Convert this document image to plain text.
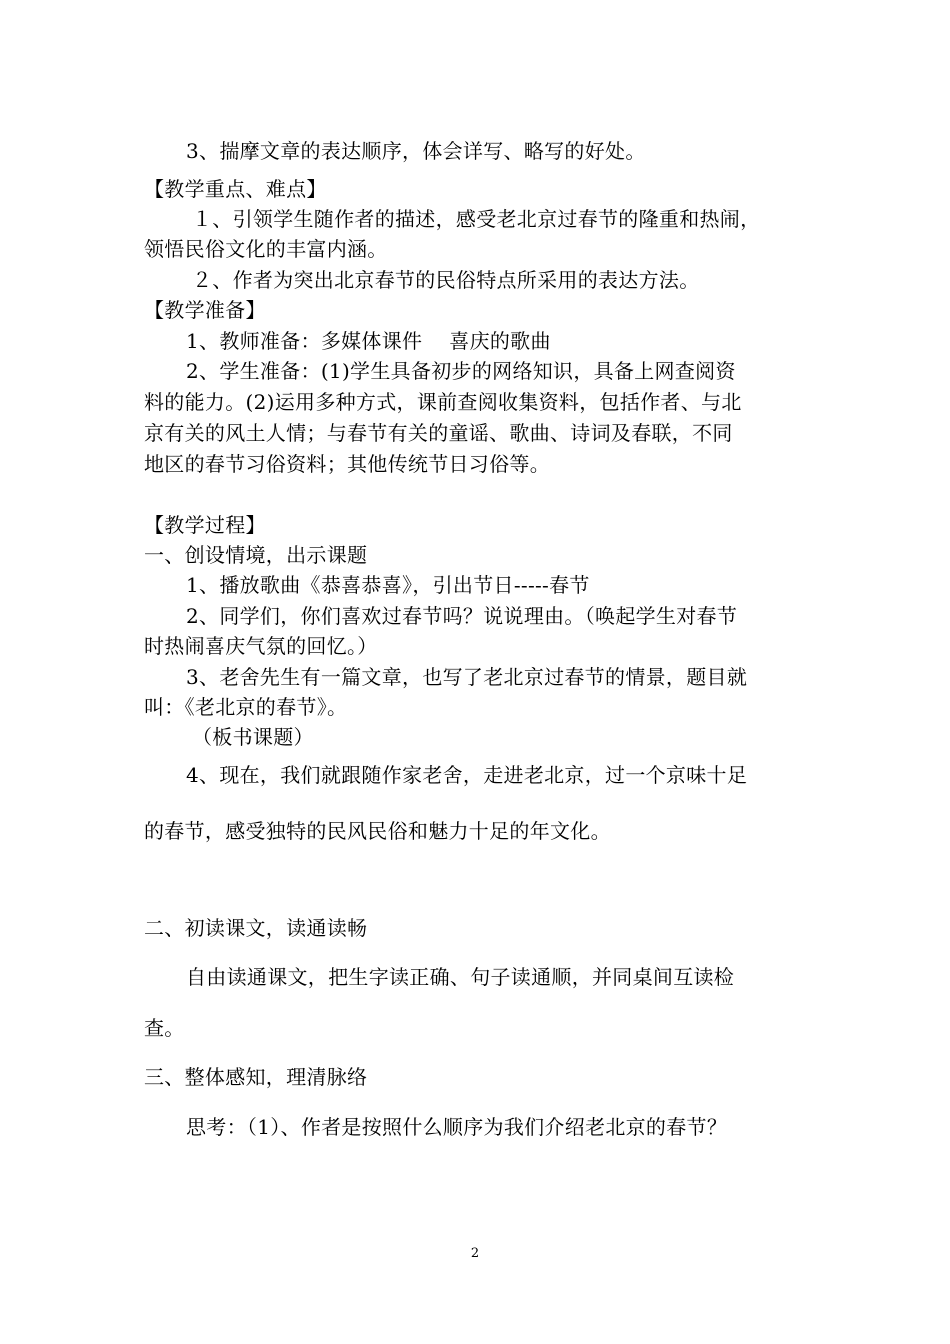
3、揣摩文章的表达顺序，体会详写、略写的好处。
【教学重点、难点】
１、引领学生随作者的描述，感受老北京过春节的隆重和热闹，
领悟民俗文化的丰富内涵。
２、作者为突出北京春节的民俗特点所采用的表达方法。
【教学准备】
1、教师准备：多媒体课件　 喜庆的歌曲
2、学生准备：(1)学生具备初步的网络知识，具备上网查阅资
料的能力。(2)运用多种方式，课前查阅收集资料，包括作者、与北
京有关的风土人情；与春节有关的童谣、歌曲、诗词及春联，不同
地区的春节习俗资料；其他传统节日习俗等。
【教学过程】
一、创设情境，出示课题
1、播放歌曲《恭喜恭喜》，引出节日-----春节
2、同学们，你们喜欢过春节吗？说说理由。（唤起学生对春节
时热闹喜庆气氛的回忆。）
3、老舍先生有一篇文章，也写了老北京过春节的情景，题目就
叫：《老北京的春节》。
（板书课题）
4、现在，我们就跟随作家老舍，走进老北京，过一个京味十足
的春节，感受独特的民风民俗和魅力十足的年文化。
二、初读课文，读通读畅
自由读通课文，把生字读正确、句子读通顺，并同桌间互读检
查。
三、整体感知，理清脉络
思考：（1）、作者是按照什么顺序为我们介绍老北京的春节？
2
